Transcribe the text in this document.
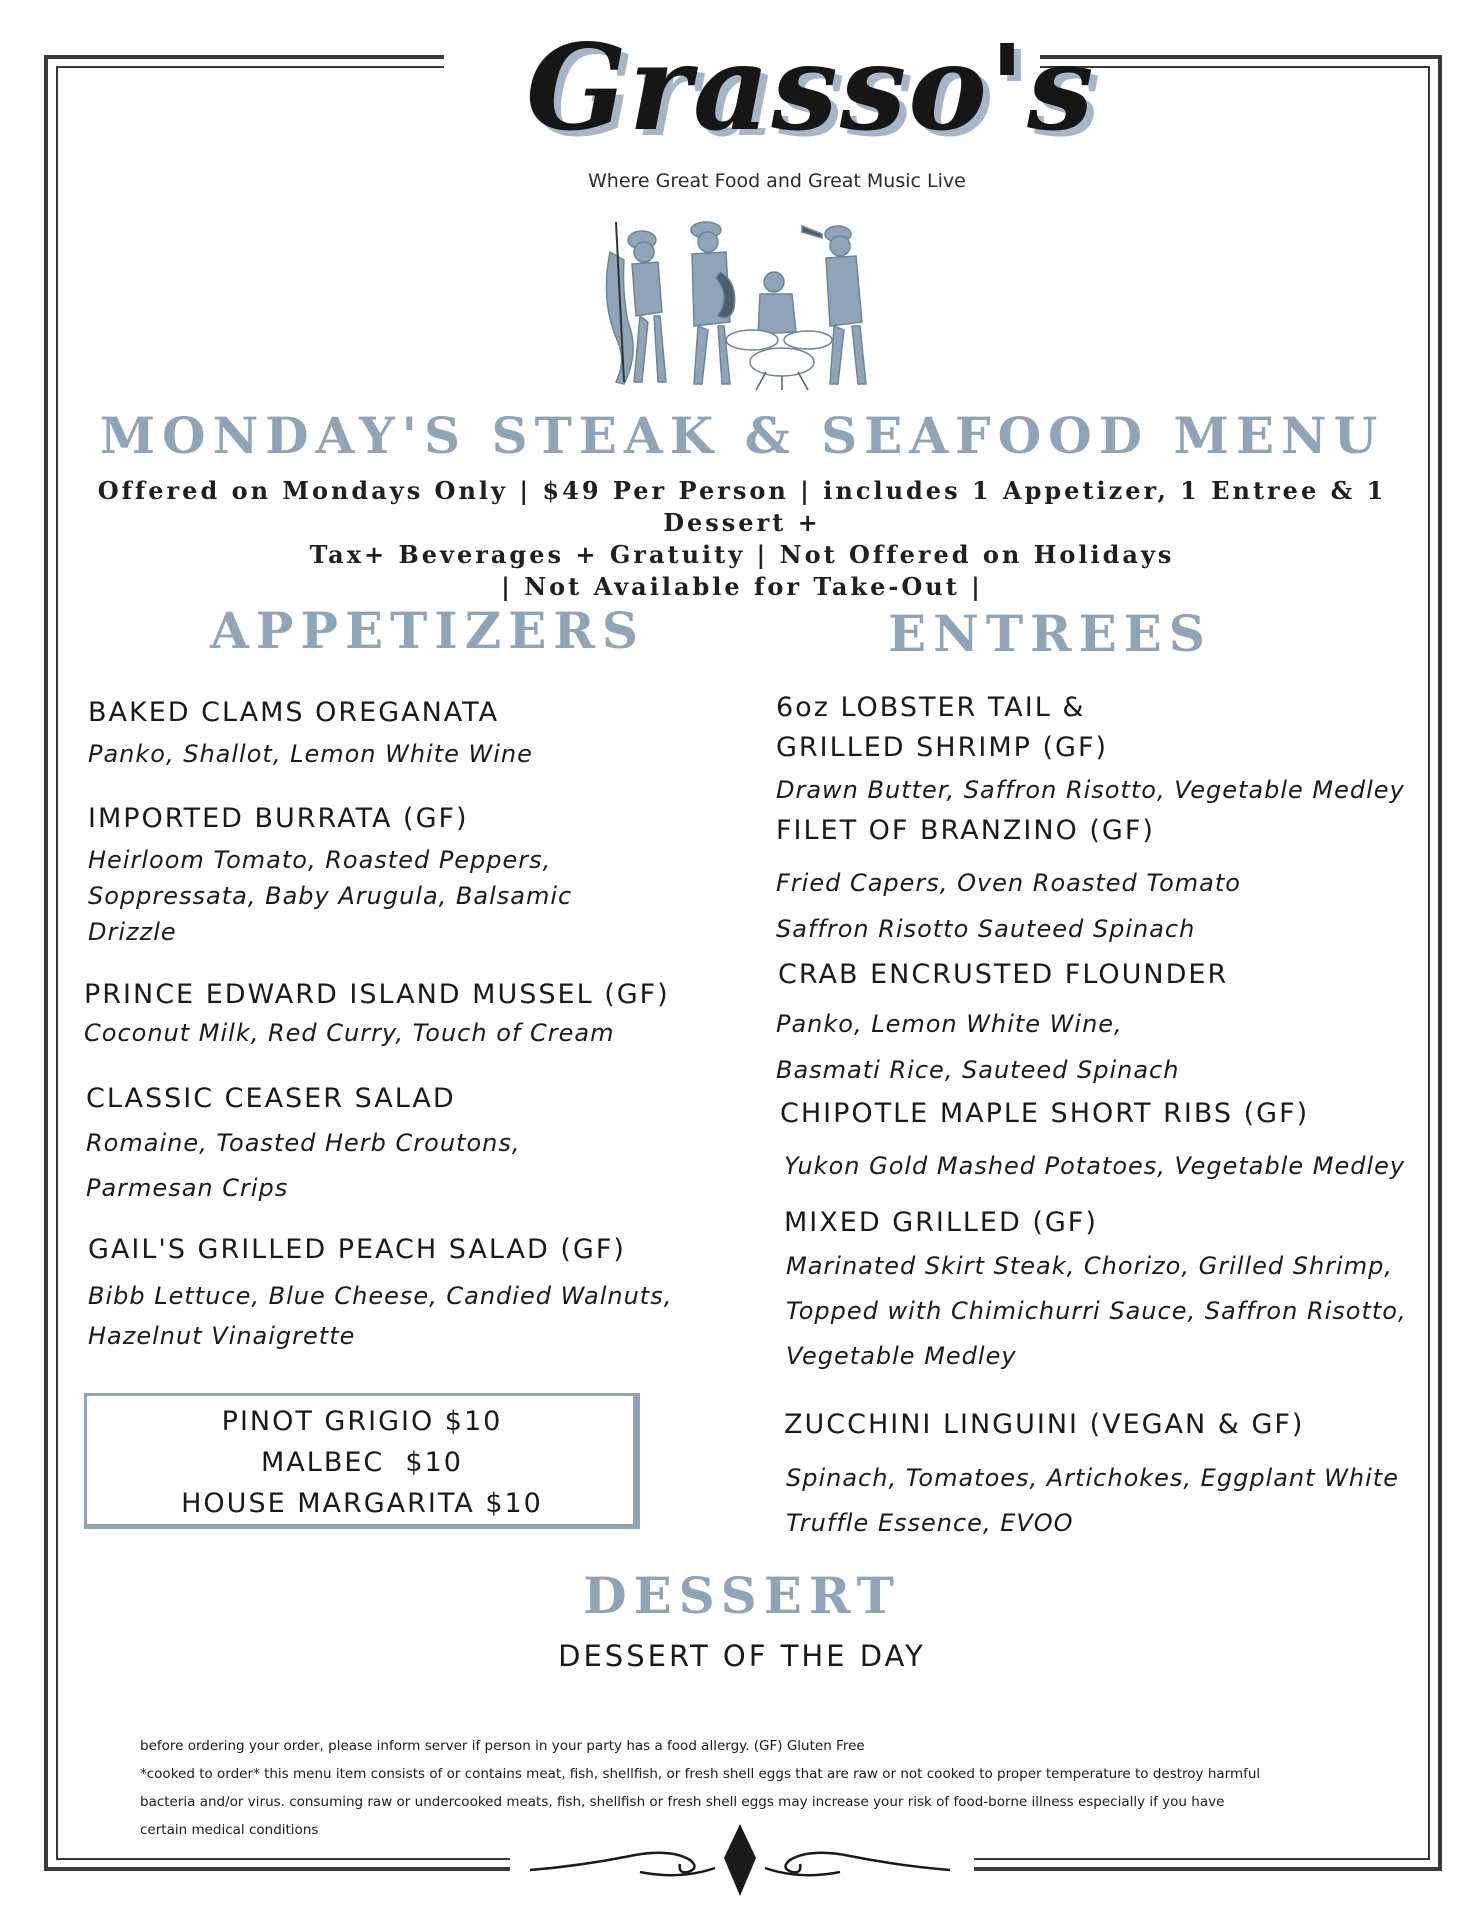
Grasso's
Where Great Food and Great Music Live
MONDAY'S STEAK & SEAFOOD MENU
Offered on Mondays Only | $49 Per Person | includes 1 Appetizer, 1 Entree & 1 Dessert +
Tax+ Beverages + Gratuity | Not Offered on Holidays
| Not Available for Take-Out |
APPETIZERS
BAKED CLAMS OREGANATA
Panko, Shallot, Lemon White Wine
IMPORTED BURRATA (GF)
Heirloom Tomato, Roasted Peppers,
Soppressata, Baby Arugula, Balsamic
Drizzle
PRINCE EDWARD ISLAND MUSSEL (GF)
Coconut Milk, Red Curry, Touch of Cream
CLASSIC CEASER SALAD
Romaine, Toasted Herb Croutons,
Parmesan Crips
GAIL'S GRILLED PEACH SALAD (GF)
Bibb Lettuce, Blue Cheese, Candied Walnuts,
Hazelnut Vinaigrette
PINOT GRIGIO $10
MALBEC  $10
HOUSE MARGARITA $10
ENTREES
6oz LOBSTER TAIL &
GRILLED SHRIMP (GF)
Drawn Butter, Saffron Risotto, Vegetable Medley
FILET OF BRANZINO (GF)
Fried Capers, Oven Roasted Tomato
Saffron Risotto Sauteed Spinach
CRAB ENCRUSTED FLOUNDER
Panko, Lemon White Wine,
Basmati Rice, Sauteed Spinach
CHIPOTLE MAPLE SHORT RIBS (GF)
Yukon Gold Mashed Potatoes, Vegetable Medley
MIXED GRILLED (GF)
Marinated Skirt Steak, Chorizo, Grilled Shrimp,
Topped with Chimichurri Sauce, Saffron Risotto,
Vegetable Medley
ZUCCHINI LINGUINI (VEGAN & GF)
Spinach, Tomatoes, Artichokes, Eggplant White
Truffle Essence, EVOO
DESSERT
DESSERT OF THE DAY
before ordering your order, please inform server if person in your party has a food allergy. (GF) Gluten Free
*cooked to order* this menu item consists of or contains meat, fish, shellfish, or fresh shell eggs that are raw or not cooked to proper temperature to destroy harmful
bacteria and/or virus. consuming raw or undercooked meats, fish, shellfish or fresh shell eggs may increase your risk of food-borne illness especially if you have
certain medical conditions
